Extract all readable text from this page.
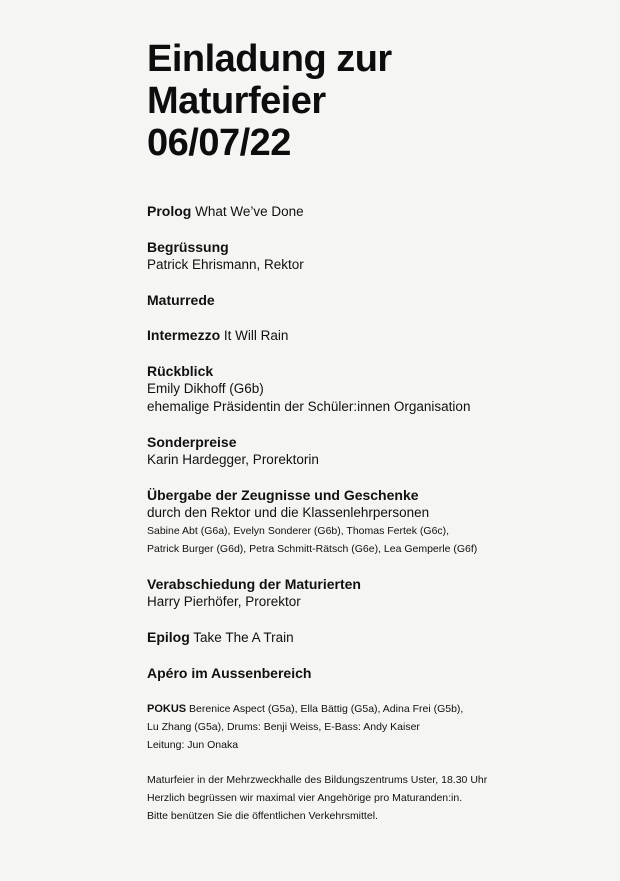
Einladung zur
Maturfeier
06/07/22
Prolog What We’ve Done
Begrüssung
Patrick Ehrismann, Rektor
Maturrede
Intermezzo It Will Rain
Rückblick
Emily Dikhoff (G6b)
ehemalige Präsidentin der Schüler:innen Organisation
Sonderpreise
Karin Hardegger, Prorektorin
Übergabe der Zeugnisse und Geschenke
durch den Rektor und die Klassenlehrpersonen
Sabine Abt (G6a), Evelyn Sonderer (G6b), Thomas Fertek (G6c),
Patrick Burger (G6d), Petra Schmitt-Rätsch (G6e), Lea Gemperle (G6f)
Verabschiedung der Maturierten
Harry Pierhöfer, Prorektor
Epilog Take The A Train
Apéro im Aussenbereich
POKUS Berenice Aspect (G5a), Ella Bättig (G5a), Adina Frei (G5b),
Lu Zhang (G5a), Drums: Benji Weiss, E-Bass: Andy Kaiser
Leitung: Jun Onaka
Maturfeier in der Mehrzweckhalle des Bildungszentrums Uster, 18.30 Uhr
Herzlich begrüssen wir maximal vier Angehörige pro Maturanden:in.
Bitte benützen Sie die öffentlichen Verkehrsmittel.
